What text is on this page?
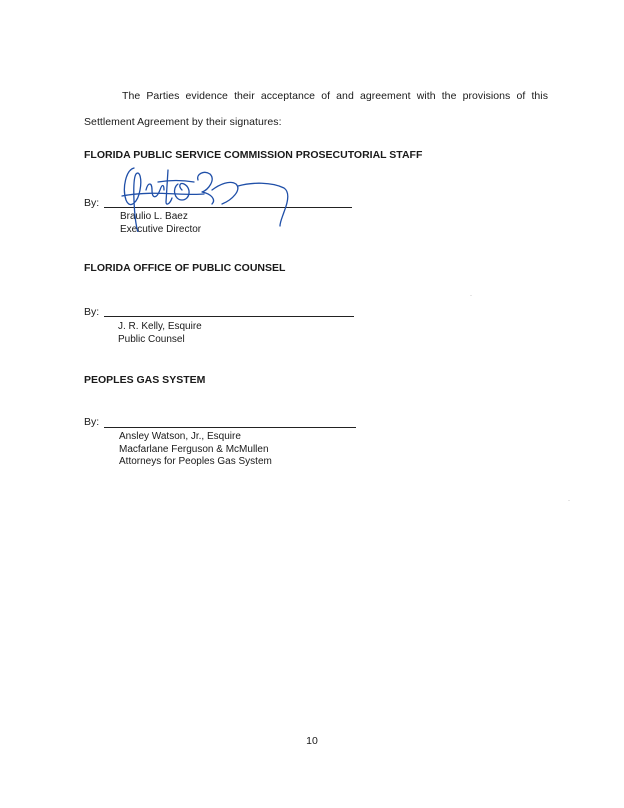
The Parties evidence their acceptance of and agreement with the provisions of this
Settlement Agreement by their signatures:
FLORIDA PUBLIC SERVICE COMMISSION PROSECUTORIAL STAFF
By:
Braulio L. Baez
Executive Director
FLORIDA OFFICE OF PUBLIC COUNSEL
By:
J. R. Kelly, Esquire
Public Counsel
PEOPLES GAS SYSTEM
By:
Ansley Watson, Jr., Esquire
Macfarlane Ferguson & McMullen
Attorneys for Peoples Gas System
10
